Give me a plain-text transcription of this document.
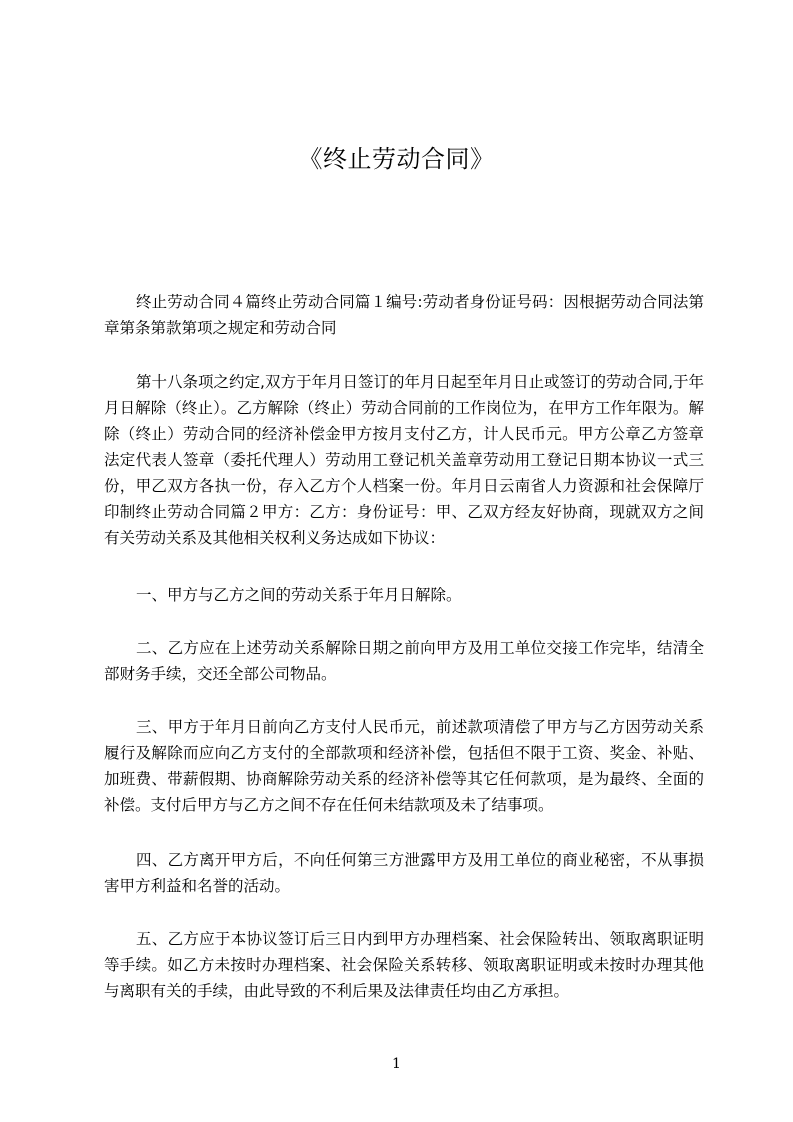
《终止劳动合同》
终止劳动合同４篇终止劳动合同篇１编号:劳动者身份证号码：因根据劳动合同法第章第条第款第项之规定和劳动合同
第十八条项之约定,双方于年月日签订的年月日起至年月日止或签订的劳动合同,于年月日解除（终止）。乙方解除（终止）劳动合同前的工作岗位为，在甲方工作年限为。解除（终止）劳动合同的经济补偿金甲方按月支付乙方，计人民币元。甲方公章乙方签章法定代表人签章（委托代理人）劳动用工登记机关盖章劳动用工登记日期本协议一式三份，甲乙双方各执一份，存入乙方个人档案一份。年月日云南省人力资源和社会保障厅印制终止劳动合同篇２甲方：乙方：身份证号：甲、乙双方经友好协商，现就双方之间有关劳动关系及其他相关权利义务达成如下协议：
一、甲方与乙方之间的劳动关系于年月日解除。
二、乙方应在上述劳动关系解除日期之前向甲方及用工单位交接工作完毕，结清全部财务手续，交还全部公司物品。
三、甲方于年月日前向乙方支付人民币元，前述款项清偿了甲方与乙方因劳动关系履行及解除而应向乙方支付的全部款项和经济补偿，包括但不限于工资、奖金、补贴、加班费、带薪假期、协商解除劳动关系的经济补偿等其它任何款项，是为最终、全面的补偿。支付后甲方与乙方之间不存在任何未结款项及未了结事项。
四、乙方离开甲方后，不向任何第三方泄露甲方及用工单位的商业秘密，不从事损害甲方利益和名誉的活动。
五、乙方应于本协议签订后三日内到甲方办理档案、社会保险转出、领取离职证明等手续。如乙方未按时办理档案、社会保险关系转移、领取离职证明或未按时办理其他与离职有关的手续，由此导致的不利后果及法律责任均由乙方承担。
1
